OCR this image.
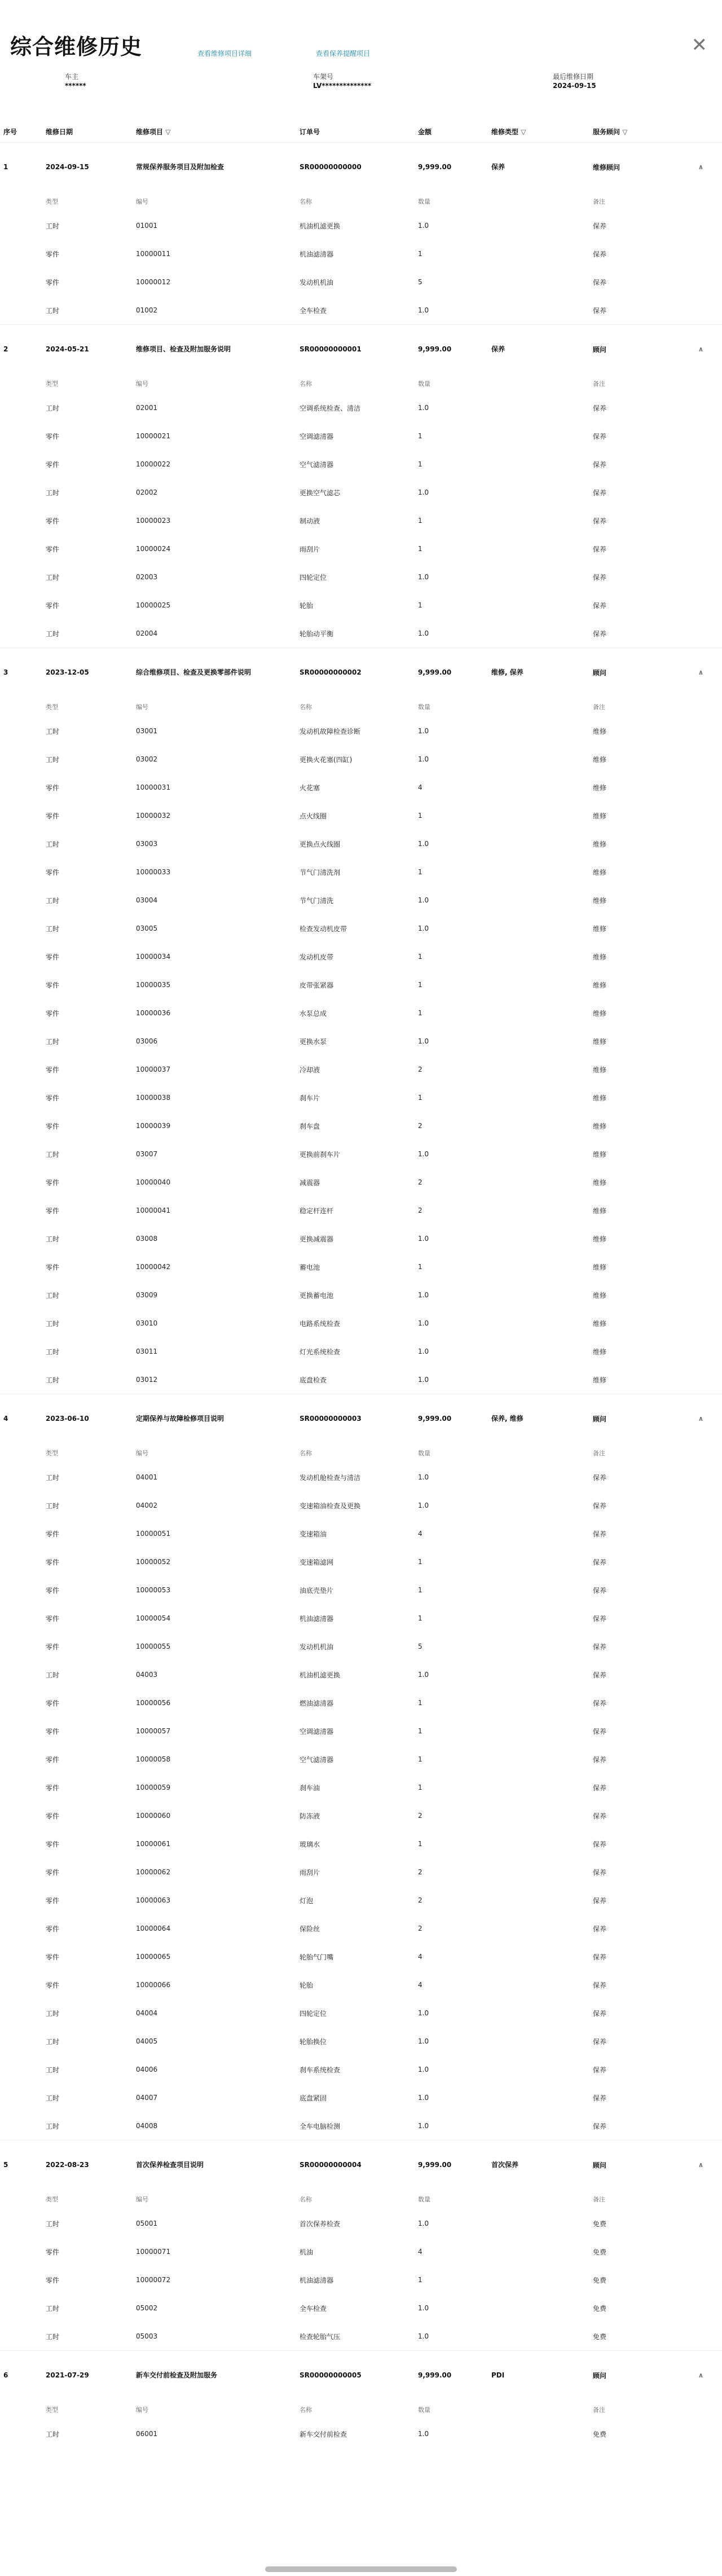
综合维修历史	查看维修项目详细	查看保养提醒项目	✕
车主
******
车架号
LV**************
最后维修日期
2024-09-15
序号	维修日期	维修项目 ▽	订单号	金额	维修类型 ▽	服务顾问 ▽	
1	2024-09-15	常规保养服务项目及附加检查	SR00000000000	9,999.00	保养	维修顾问	∧
	类型	编号	名称	数量		备注	
	工时	01001	机油机滤更换	1.0		保养	
	零件	10000011	机油滤清器	1		保养	
	零件	10000012	发动机机油	5		保养	
	工时	01002	全车检查	1.0		保养	
2	2024-05-21	维修项目、检查及附加服务说明	SR00000000001	9,999.00	保养	顾问	∧
	类型	编号	名称	数量		备注	
	工时	02001	空调系统检查、清洁	1.0		保养	
	零件	10000021	空调滤清器	1		保养	
	零件	10000022	空气滤清器	1		保养	
	工时	02002	更换空气滤芯	1.0		保养	
	零件	10000023	制动液	1		保养	
	零件	10000024	雨刮片	1		保养	
	工时	02003	四轮定位	1.0		保养	
	零件	10000025	轮胎	1		保养	
	工时	02004	轮胎动平衡	1.0		保养	
3	2023-12-05	综合维修项目、检查及更换零部件说明	SR00000000002	9,999.00	维修, 保养	顾问	∧
	类型	编号	名称	数量		备注	
	工时	03001	发动机故障检查诊断	1.0		维修	
	工时	03002	更换火花塞(四缸)	1.0		维修	
	零件	10000031	火花塞	4		维修	
	零件	10000032	点火线圈	1		维修	
	工时	03003	更换点火线圈	1.0		维修	
	零件	10000033	节气门清洗剂	1		维修	
	工时	03004	节气门清洗	1.0		维修	
	工时	03005	检查发动机皮带	1.0		维修	
	零件	10000034	发动机皮带	1		维修	
	零件	10000035	皮带张紧器	1		维修	
	零件	10000036	水泵总成	1		维修	
	工时	03006	更换水泵	1.0		维修	
	零件	10000037	冷却液	2		维修	
	零件	10000038	刹车片	1		维修	
	零件	10000039	刹车盘	2		维修	
	工时	03007	更换前刹车片	1.0		维修	
	零件	10000040	减震器	2		维修	
	零件	10000041	稳定杆连杆	2		维修	
	工时	03008	更换减震器	1.0		维修	
	零件	10000042	蓄电池	1		维修	
	工时	03009	更换蓄电池	1.0		维修	
	工时	03010	电路系统检查	1.0		维修	
	工时	03011	灯光系统检查	1.0		维修	
	工时	03012	底盘检查	1.0		维修	
4	2023-06-10	定期保养与故障检修项目说明	SR00000000003	9,999.00	保养, 维修	顾问	∧
	类型	编号	名称	数量		备注	
	工时	04001	发动机舱检查与清洁	1.0		保养	
	工时	04002	变速箱油检查及更换	1.0		保养	
	零件	10000051	变速箱油	4		保养	
	零件	10000052	变速箱滤网	1		保养	
	零件	10000053	油底壳垫片	1		保养	
	零件	10000054	机油滤清器	1		保养	
	零件	10000055	发动机机油	5		保养	
	工时	04003	机油机滤更换	1.0		保养	
	零件	10000056	燃油滤清器	1		保养	
	零件	10000057	空调滤清器	1		保养	
	零件	10000058	空气滤清器	1		保养	
	零件	10000059	刹车油	1		保养	
	零件	10000060	防冻液	2		保养	
	零件	10000061	玻璃水	1		保养	
	零件	10000062	雨刮片	2		保养	
	零件	10000063	灯泡	2		保养	
	零件	10000064	保险丝	2		保养	
	零件	10000065	轮胎气门嘴	4		保养	
	零件	10000066	轮胎	4		保养	
	工时	04004	四轮定位	1.0		保养	
	工时	04005	轮胎换位	1.0		保养	
	工时	04006	刹车系统检查	1.0		保养	
	工时	04007	底盘紧固	1.0		保养	
	工时	04008	全车电脑检测	1.0		保养	
5	2022-08-23	首次保养检查项目说明	SR00000000004	9,999.00	首次保养	顾问	∧
	类型	编号	名称	数量		备注	
	工时	05001	首次保养检查	1.0		免费	
	零件	10000071	机油	4		免费	
	零件	10000072	机油滤清器	1		免费	
	工时	05002	全车检查	1.0		免费	
	工时	05003	检查轮胎气压	1.0		免费	
6	2021-07-29	新车交付前检查及附加服务	SR00000000005	9,999.00	PDI	顾问	∧
	类型	编号	名称	数量		备注	
	工时	06001	新车交付前检查	1.0		免费	
